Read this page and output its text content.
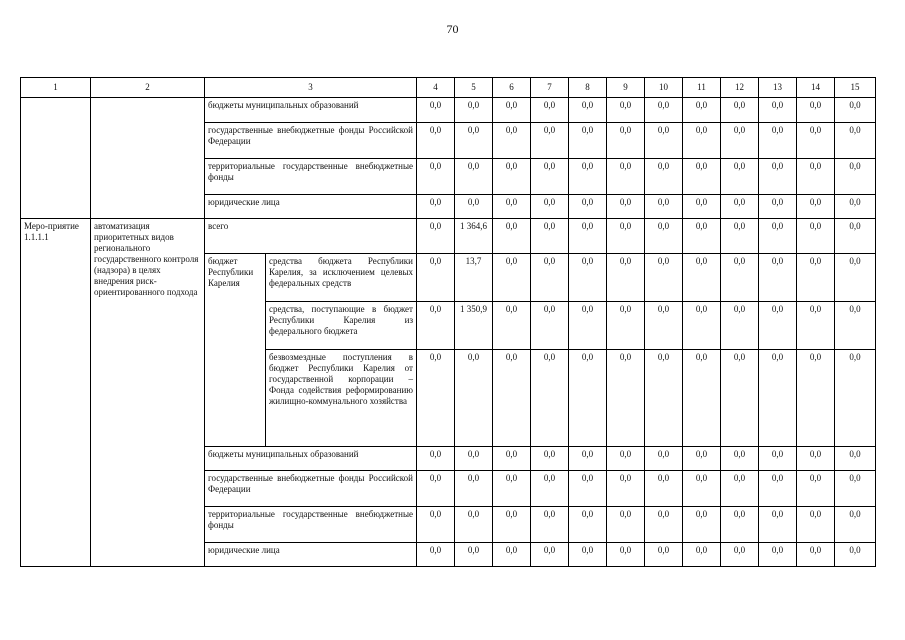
70
1	2	3		4	5	6	7	8	9	10	11	12	13	14	15
		бюджеты муниципальных образований		0,0	0,0	0,0	0,0	0,0	0,0	0,0	0,0	0,0	0,0	0,0	0,0
		государственные внебюджетные фонды Российской Федерации		0,0	0,0	0,0	0,0	0,0	0,0	0,0	0,0	0,0	0,0	0,0	0,0
		территориальные государственные внебюджетные фонды		0,0	0,0	0,0	0,0	0,0	0,0	0,0	0,0	0,0	0,0	0,0	0,0
		юридические лица		0,0	0,0	0,0	0,0	0,0	0,0	0,0	0,0	0,0	0,0	0,0	0,0
Меро-приятие 1.1.1.1	автоматизация приоритетных видов регионального государственного контроля (надзора) в целях внедрения риск-ориентированного подхода	всего		0,0	1 364,6	0,0	0,0	0,0	0,0	0,0	0,0	0,0	0,0	0,0	0,0
		бюджет Республики Карелия	средства бюджета Республики Карелия, за исключением целевых федеральных средств	0,0	13,7	0,0	0,0	0,0	0,0	0,0	0,0	0,0	0,0	0,0	0,0
			средства, поступающие в бюджет Республики Карелия из федерального бюджета	0,0	1 350,9	0,0	0,0	0,0	0,0	0,0	0,0	0,0	0,0	0,0	0,0
			безвозмездные поступления в бюджет Республики Карелия от государственной корпорации – Фонда содействия реформированию жилищно-коммунального хозяйства	0,0	0,0	0,0	0,0	0,0	0,0	0,0	0,0	0,0	0,0	0,0	0,0
		бюджеты муниципальных образований		0,0	0,0	0,0	0,0	0,0	0,0	0,0	0,0	0,0	0,0	0,0	0,0
		государственные внебюджетные фонды Российской Федерации		0,0	0,0	0,0	0,0	0,0	0,0	0,0	0,0	0,0	0,0	0,0	0,0
		территориальные государственные внебюджетные фонды		0,0	0,0	0,0	0,0	0,0	0,0	0,0	0,0	0,0	0,0	0,0	0,0
		юридические лица		0,0	0,0	0,0	0,0	0,0	0,0	0,0	0,0	0,0	0,0	0,0	0,0
